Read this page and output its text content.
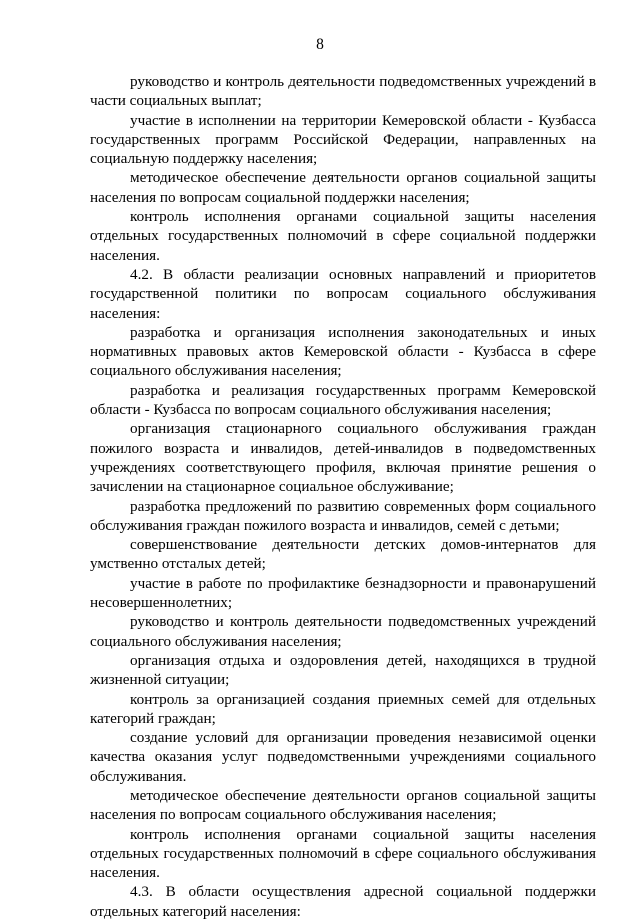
8

руководство и контроль деятельности подведомственных учреждений в части социальных выплат;

участие в исполнении на территории Кемеровской области - Кузбасса государственных программ Российской Федерации, направленных на социальную поддержку населения;

методическое обеспечение деятельности органов социальной защиты населения по вопросам социальной поддержки населения;

контроль исполнения органами социальной защиты населения отдельных государственных полномочий в сфере социальной поддержки населения.

4.2. В области реализации основных направлений и приоритетов государственной политики по вопросам социального обслуживания населения:

разработка и организация исполнения законодательных и иных нормативных правовых актов Кемеровской области - Кузбасса в сфере социального обслуживания населения;

разработка и реализация государственных программ Кемеровской области - Кузбасса по вопросам социального обслуживания населения;

организация стационарного социального обслуживания граждан пожилого возраста и инвалидов, детей-инвалидов в подведомственных учреждениях соответствующего профиля, включая принятие решения о зачислении на стационарное социальное обслуживание;

разработка предложений по развитию современных форм социального обслуживания граждан пожилого возраста и инвалидов, семей с детьми;

совершенствование деятельности детских домов-интернатов для умственно отсталых детей;

участие в работе по профилактике безнадзорности и правонарушений несовершеннолетних;

руководство и контроль деятельности подведомственных учреждений социального обслуживания населения;

организация отдыха и оздоровления детей, находящихся в трудной жизненной ситуации;

контроль за организацией создания приемных семей для отдельных категорий граждан;

создание условий для организации проведения независимой оценки качества оказания услуг подведомственными учреждениями социального обслуживания.

методическое обеспечение деятельности органов социальной защиты населения по вопросам социального обслуживания населения;

контроль исполнения органами социальной защиты населения отдельных государственных полномочий в сфере социального обслуживания населения.

4.3. В области осуществления адресной социальной поддержки отдельных категорий населения:
